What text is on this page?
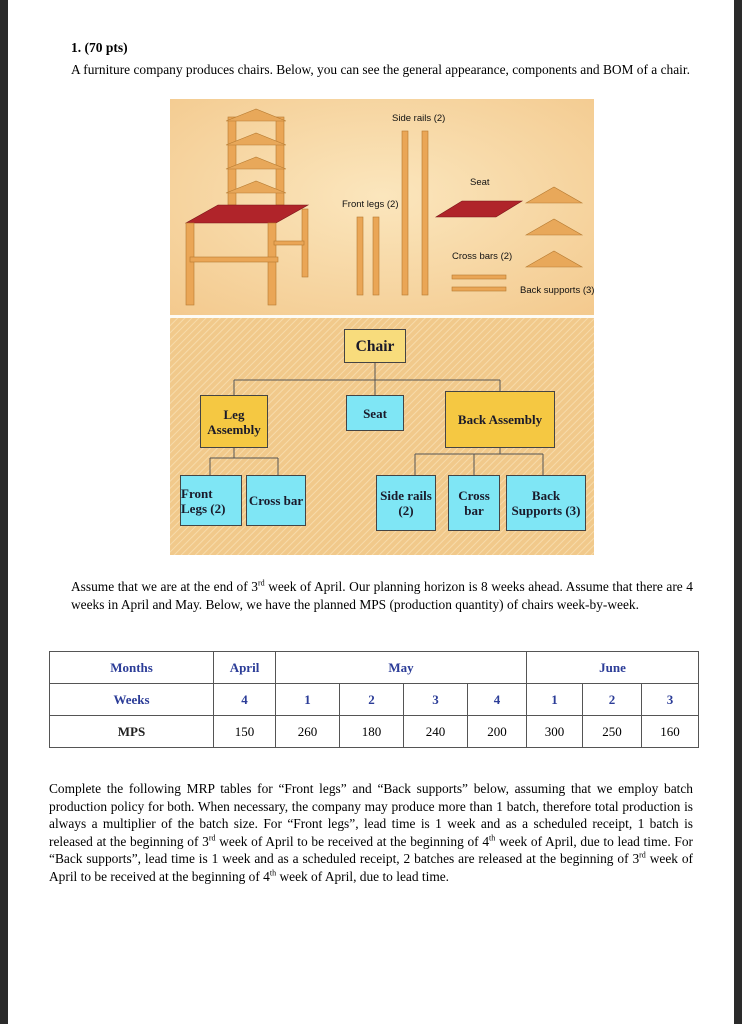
1. (70 pts)
A furniture company produces chairs. Below, you can see the general appearance, components and BOM of a chair.
Side rails (2)
Front legs (2)
Seat
Cross bars (2)
Back supports (3)
Chair
Leg Assembly
Seat	Back Assembly
Front Legs (2)	Cross bar	Side rails (2)
Cross bar
Back Supports (3)
Assume that we are at the end of 3rd week of April. Our planning horizon is 8 weeks ahead. Assume that there are 4 weeks in April and May. Below, we have the planned MPS (production quantity) of chairs week-by-week.
Months	April	May				June		
Weeks	4	1	2	3	4	1	2	3
MPS	150	260	180	240	200	300	250	160
Complete the following MRP tables for “Front legs” and “Back supports” below, assuming that we employ batch production policy for both. When necessary, the company may produce more than 1 batch, therefore total production is always a multiplier of the batch size. For “Front legs”, lead time is 1 week and as a scheduled receipt, 1 batch is released at the beginning of 3rd week of April to be received at the beginning of 4th week of April, due to lead time. For “Back supports”, lead time is 1 week and as a scheduled receipt, 2 batches are released at the beginning of 3rd week of April to be received at the beginning of 4th week of April, due to lead time.
